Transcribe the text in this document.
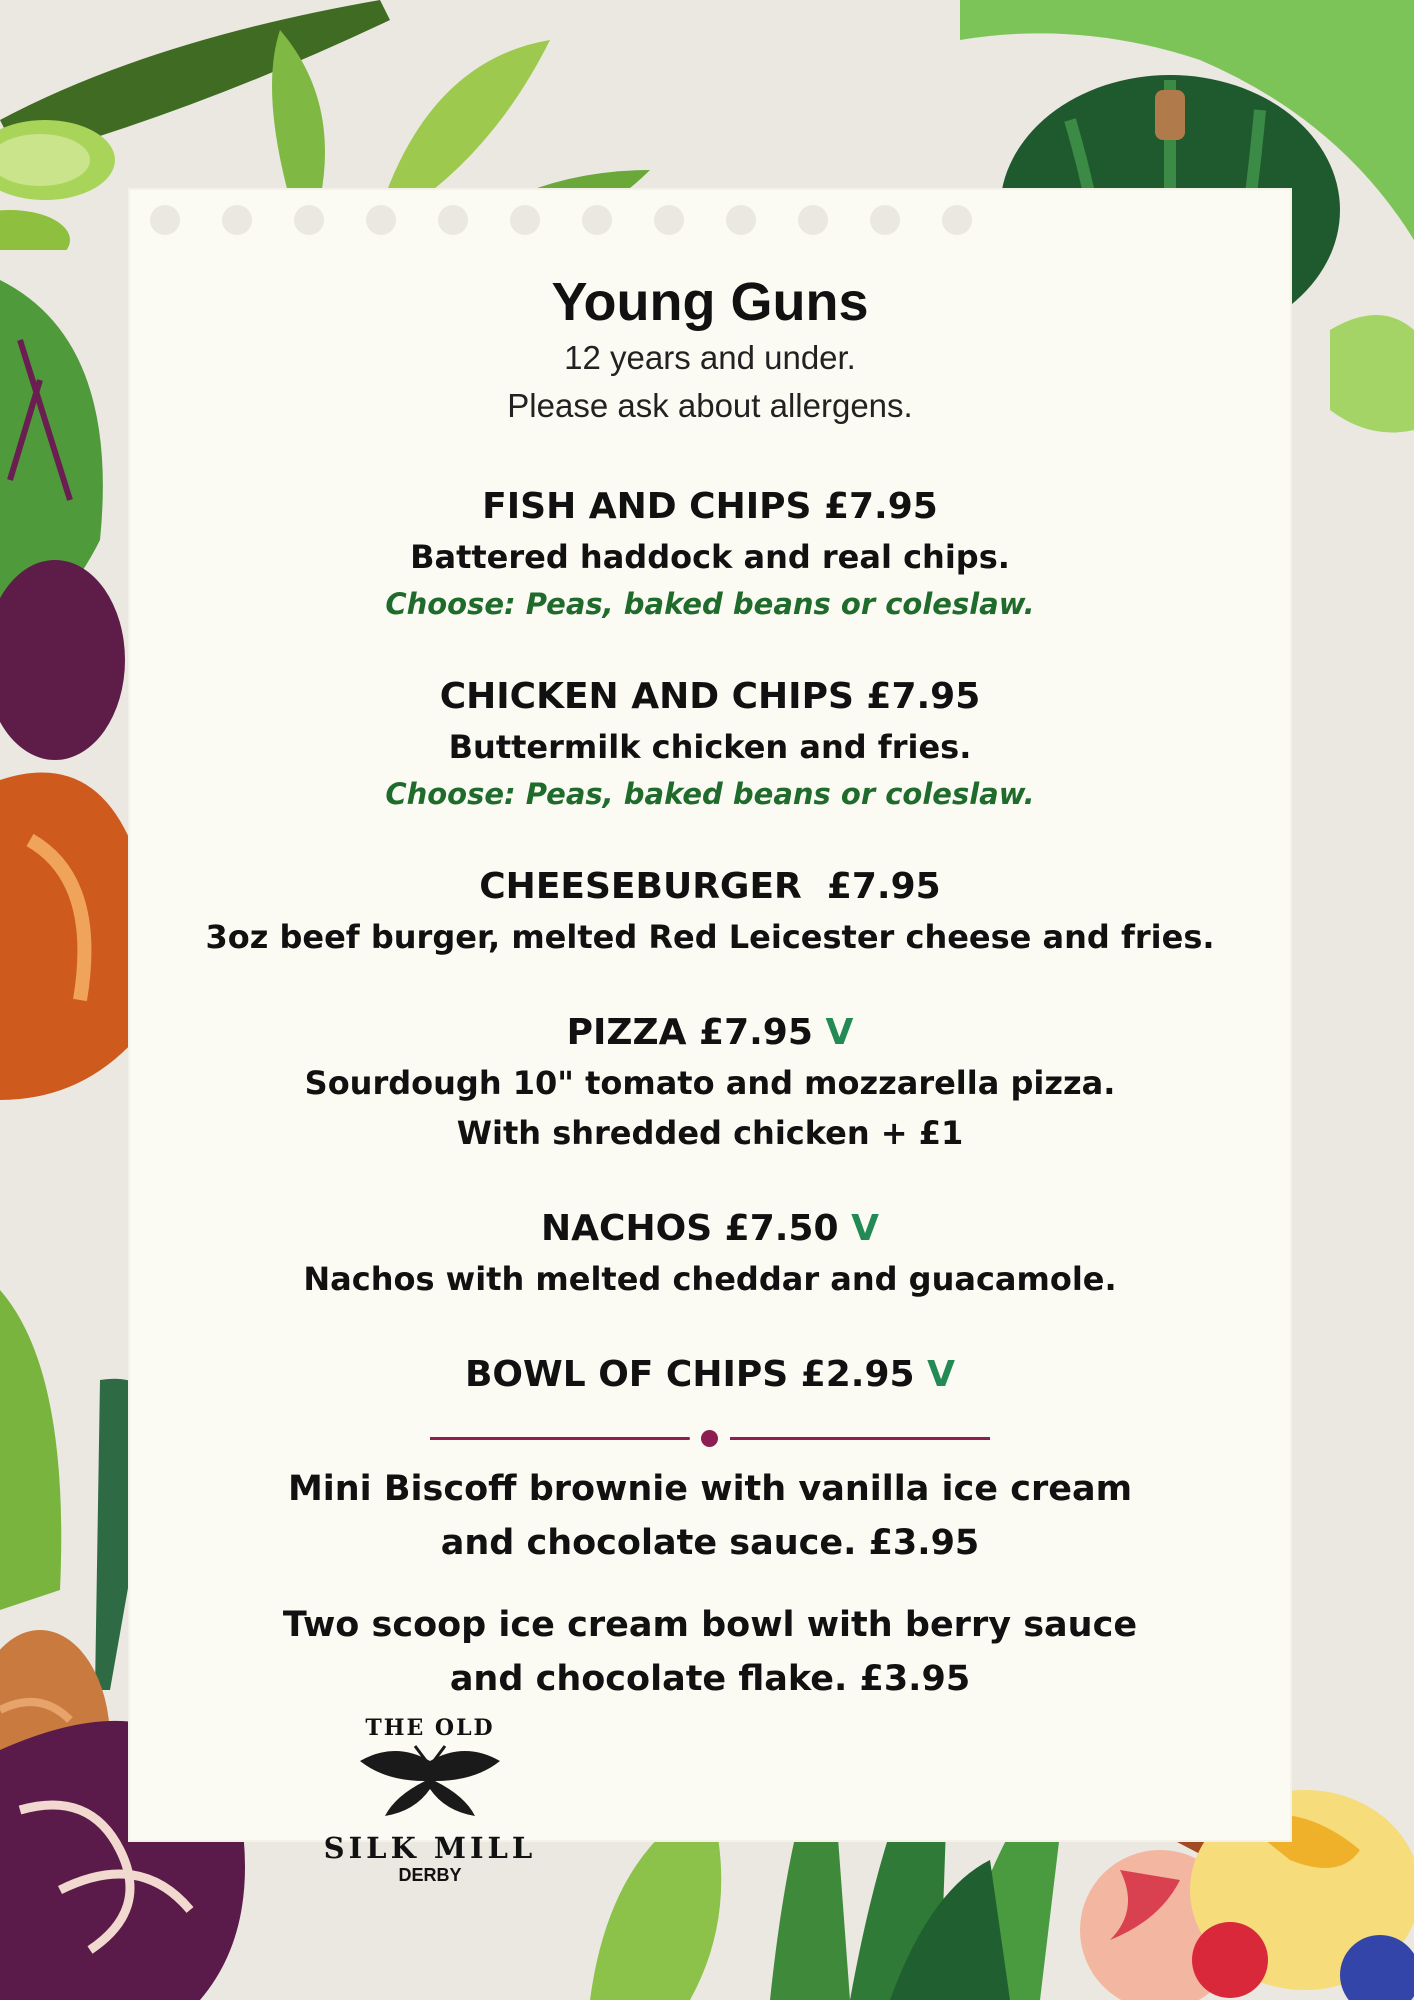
Young Guns

12 years and under.

Please ask about allergens.

FISH AND CHIPS £7.95
Battered haddock and real chips.
Choose: Peas, baked beans or coleslaw.
CHICKEN AND CHIPS £7.95
Buttermilk chicken and fries.
Choose: Peas, baked beans or coleslaw.
CHEESEBURGER  £7.95
3oz beef burger, melted Red Leicester cheese and fries.
PIZZA £7.95 V
Sourdough 10" tomato and mozzarella pizza.
With shredded chicken + £1
NACHOS £7.50 V
Nachos with melted cheddar and guacamole.
BOWL OF CHIPS £2.95 V
Mini Biscoff brownie with vanilla ice cream
and chocolate sauce. £3.95
Two scoop ice cream bowl with berry sauce
and chocolate flake. £3.95
THE OLD
SILK MILL
DERBY
